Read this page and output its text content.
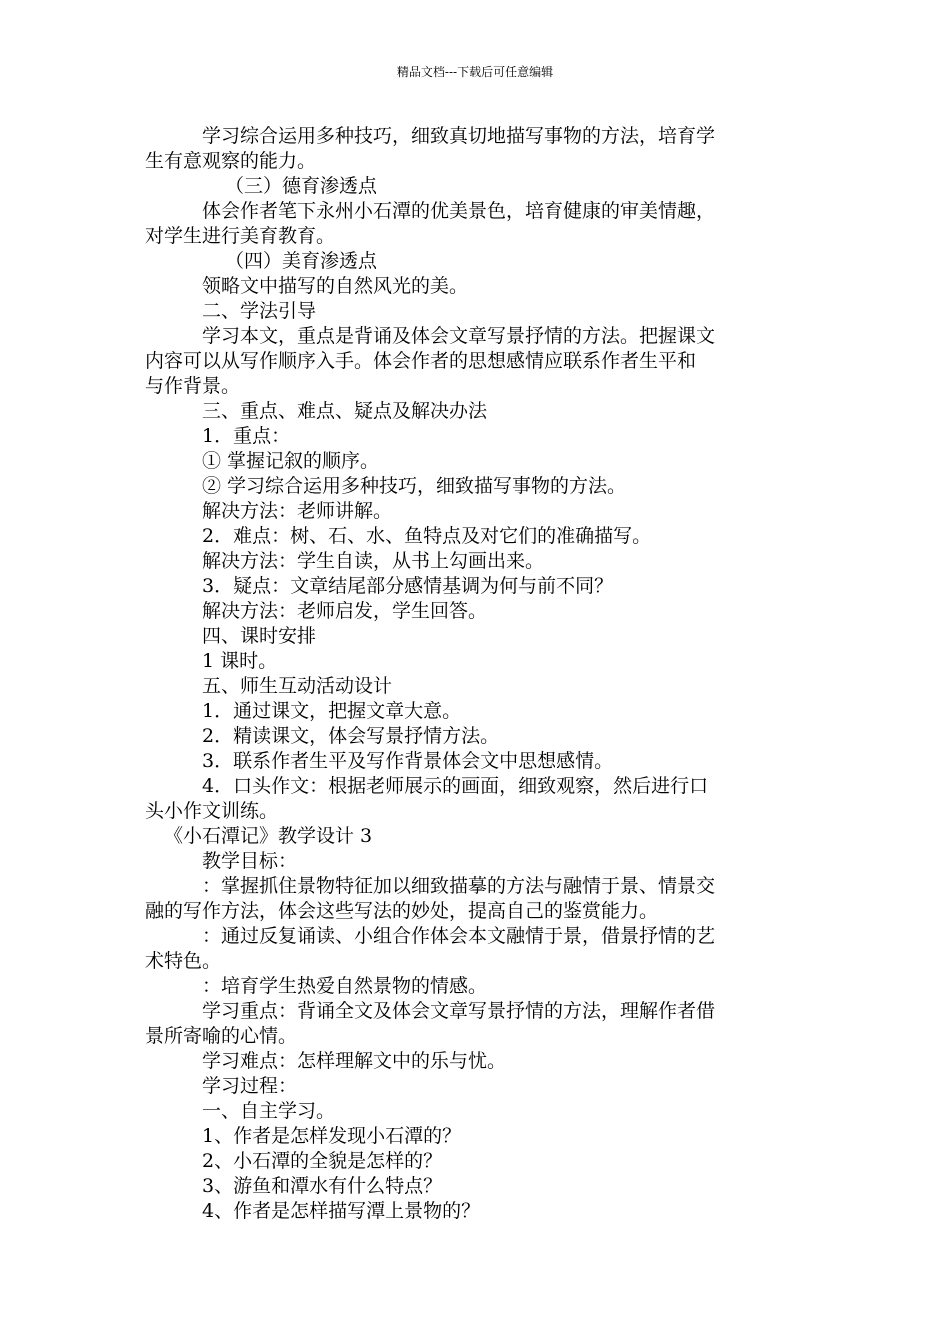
精品文档---下载后可任意编辑
学习综合运用多种技巧，细致真切地描写事物的方法，培育学
生有意观察的能力。
（三）德育渗透点
体会作者笔下永州小石潭的优美景色，培育健康的审美情趣，
对学生进行美育教育。
（四）美育渗透点
领略文中描写的自然风光的美。
二、学法引导
学习本文，重点是背诵及体会文章写景抒情的方法。把握课文
内容可以从写作顺序入手。体会作者的思想感情应联系作者生平和
与作背景。
三、重点、难点、疑点及解决办法
1．重点：
① 掌握记叙的顺序。
② 学习综合运用多种技巧，细致描写事物的方法。
解决方法：老师讲解。
2．难点：树、石、水、鱼特点及对它们的准确描写。
解决方法：学生自读，从书上勾画出来。
3．疑点：文章结尾部分感情基调为何与前不同？
解决方法：老师启发，学生回答。
四、课时安排
1 课时。
五、师生互动活动设计
1．通过课文，把握文章大意。
2．精读课文，体会写景抒情方法。
3．联系作者生平及写作背景体会文中思想感情。
4．口头作文：根据老师展示的画面，细致观察，然后进行口
头小作文训练。
《小石潭记》教学设计 3
教学目标：
：掌握抓住景物特征加以细致描摹的方法与融情于景、情景交
融的写作方法，体会这些写法的妙处，提高自己的鉴赏能力。
：通过反复诵读、小组合作体会本文融情于景，借景抒情的艺
术特色。
：培育学生热爱自然景物的情感。
学习重点：背诵全文及体会文章写景抒情的方法，理解作者借
景所寄喻的心情。
学习难点：怎样理解文中的乐与忧。
学习过程：
一、自主学习。
1、作者是怎样发现小石潭的？
2、小石潭的全貌是怎样的？
3、游鱼和潭水有什么特点？
4、作者是怎样描写潭上景物的？
